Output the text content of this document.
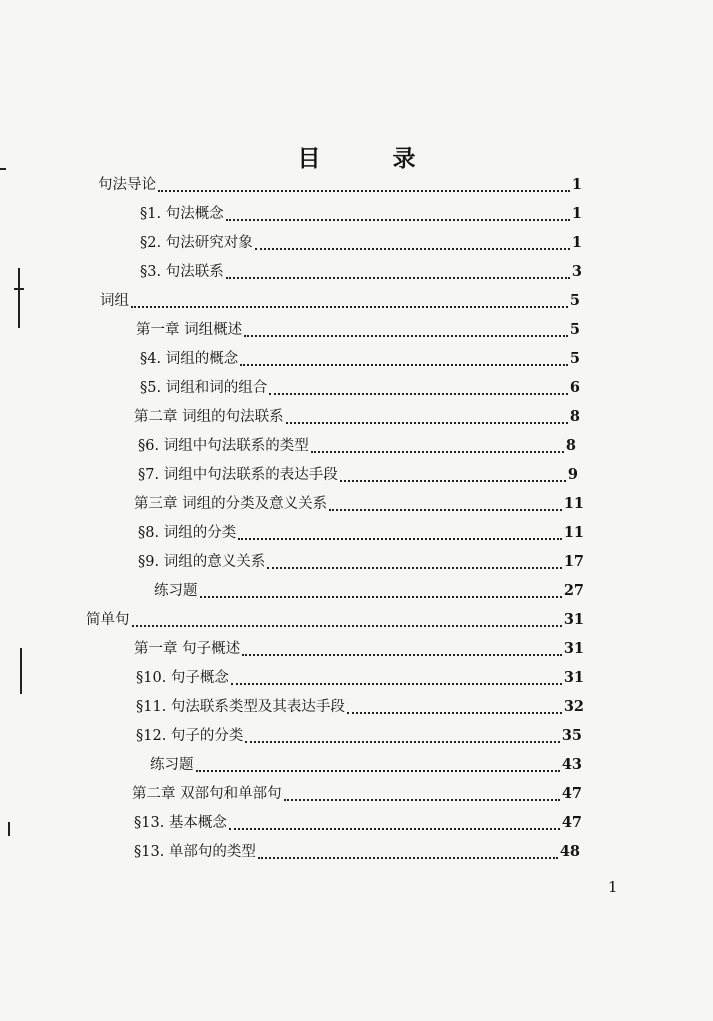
目	录
句法导论	1
§1. 句法概念	1
§2. 句法研究对象	1
§3. 句法联系	3
词组	5
第一章 词组概述	5
§4. 词组的概念	5
§5. 词组和词的组合	6
第二章 词组的句法联系	8
§6. 词组中句法联系的类型	8
§7. 词组中句法联系的表达手段	9
第三章 词组的分类及意义关系	11
§8. 词组的分类	11
§9. 词组的意义关系	17
练习题	27
简单句	31
第一章 句子概述	31
§10. 句子概念	31
§11. 句法联系类型及其表达手段	32
§12. 句子的分类	35
练习题	43
第二章 双部句和单部句	47
§13. 基本概念	47
§13. 单部句的类型	48
1
